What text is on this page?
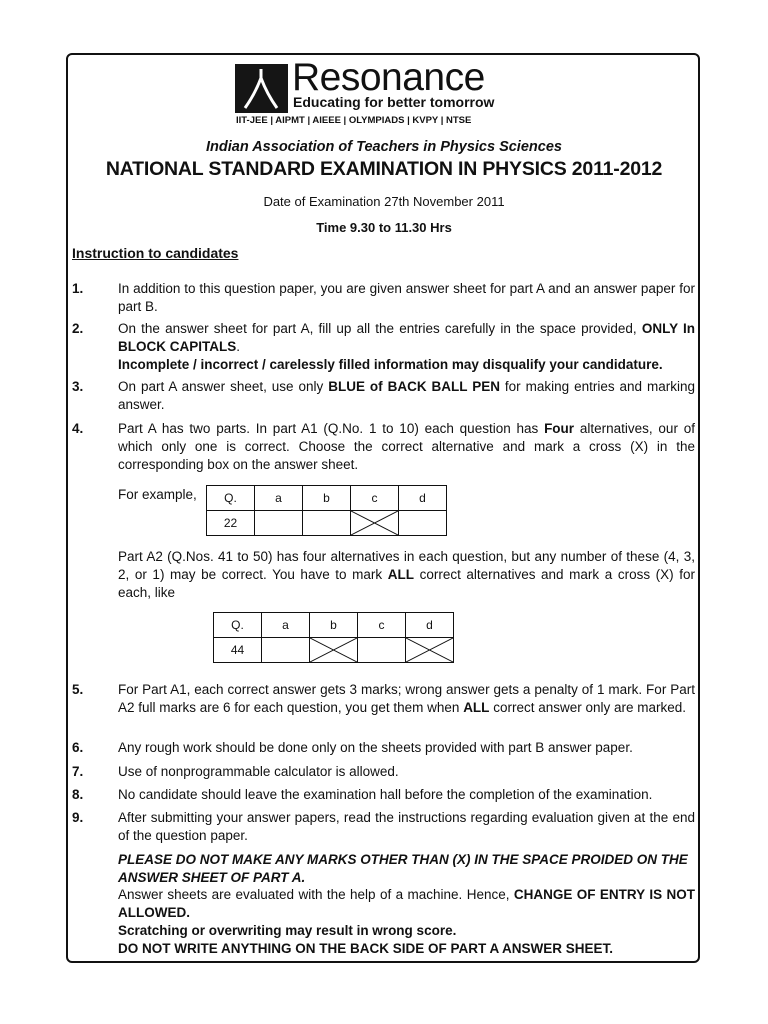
Resonance
Educating for better tomorrow
IIT-JEE | AIPMT | AIEEE | OLYMPIADS | KVPY | NTSE
Indian Association of Teachers in Physics Sciences
NATIONAL STANDARD EXAMINATION IN PHYSICS 2011-2012
Date of Examination 27th November 2011
Time 9.30 to 11.30 Hrs
Instruction to candidates
1.	In addition to this question paper, you are given answer sheet for part A and an answer paper for part B.
2.	On the answer sheet for part A, fill up all the entries carefully in the space provided, ONLY In BLOCK CAPITALS.
Incomplete / incorrect / carelessly filled information may disqualify your candidature.
3.	On part A answer sheet, use only BLUE of BACK BALL PEN for making entries and marking answer.
4.	Part A has two parts. In part A1 (Q.No. 1 to 10) each question has Four alternatives, our of which only one is correct. Choose the correct alternative and mark a cross (X) in the corresponding box on the answer sheet.
For example, Q.	a	b	c	d
22			

Part A2 (Q.Nos. 41 to 50) has four alternatives in each question, but any number of these (4, 3, 2, or 1) may be correct. You have to mark ALL correct alternatives and mark a cross (X) for each, like
Q.	a	b	c	d
44		

5.	For Part A1, each correct answer gets 3 marks; wrong answer gets a penalty of 1 mark. For Part A2 full marks are 6 for each question, you get them when ALL correct answer only are marked.
6.	Any rough work should be done only on the sheets provided with part B answer paper.
7.	Use of nonprogrammable calculator is allowed.
8.	No candidate should leave the examination hall before the completion of the examination.
9.	After submitting your answer papers, read the instructions regarding evaluation given at the end of the question paper.
PLEASE DO NOT MAKE ANY MARKS OTHER THAN (X) IN THE SPACE PROIDED ON THE ANSWER SHEET OF PART A.
Answer sheets are evaluated with the help of a machine. Hence, CHANGE OF ENTRY IS NOT ALLOWED.
Scratching or overwriting may result in wrong score.
DO NOT WRITE ANYTHING ON THE BACK SIDE OF PART A ANSWER SHEET.
